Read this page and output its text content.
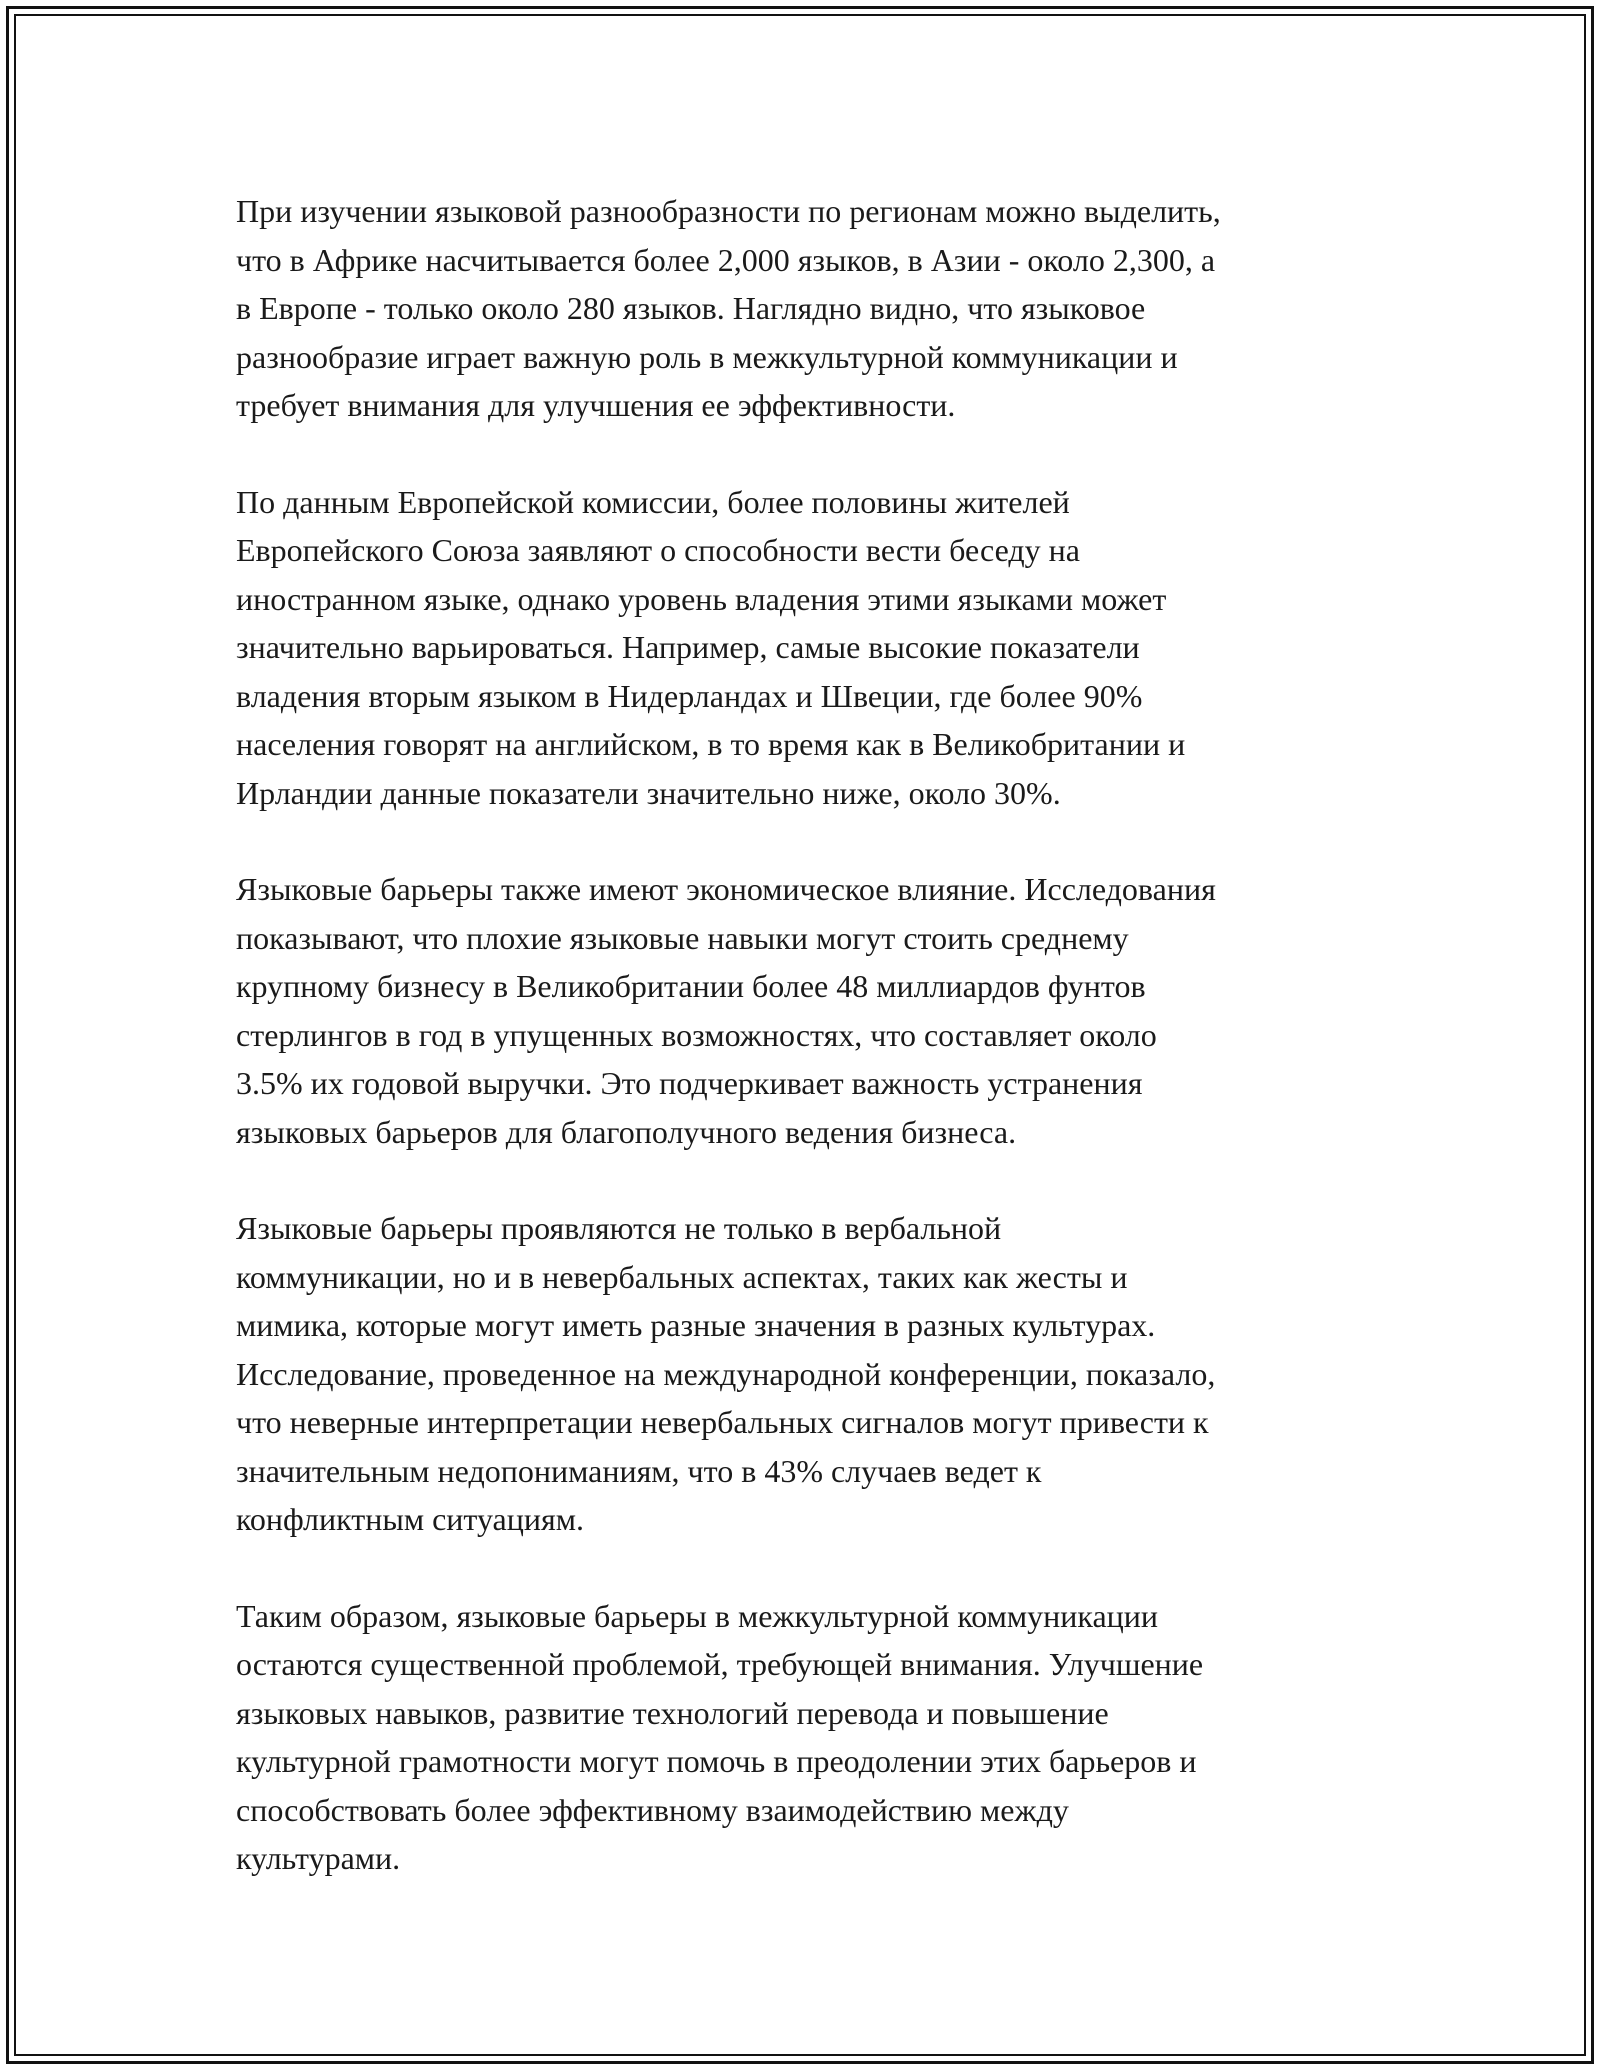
При изучении языковой разнообразности по регионам можно выделить,
что в Африке насчитывается более 2,000 языков, в Азии - около 2,300, а
в Европе - только около 280 языков. Наглядно видно, что языковое
разнообразие играет важную роль в межкультурной коммуникации и
требует внимания для улучшения ее эффективности.

По данным Европейской комиссии, более половины жителей
Европейского Союза заявляют о способности вести беседу на
иностранном языке, однако уровень владения этими языками может
значительно варьироваться. Например, самые высокие показатели
владения вторым языком в Нидерландах и Швеции, где более 90%
населения говорят на английском, в то время как в Великобритании и
Ирландии данные показатели значительно ниже, около 30%.

Языковые барьеры также имеют экономическое влияние. Исследования
показывают, что плохие языковые навыки могут стоить среднему
крупному бизнесу в Великобритании более 48 миллиардов фунтов
стерлингов в год в упущенных возможностях, что составляет около
3.5% их годовой выручки. Это подчеркивает важность устранения
языковых барьеров для благополучного ведения бизнеса.

Языковые барьеры проявляются не только в вербальной
коммуникации, но и в невербальных аспектах, таких как жесты и
мимика, которые могут иметь разные значения в разных культурах.
Исследование, проведенное на международной конференции, показало,
что неверные интерпретации невербальных сигналов могут привести к
значительным недопониманиям, что в 43% случаев ведет к
конфликтным ситуациям.

Таким образом, языковые барьеры в межкультурной коммуникации
остаются существенной проблемой, требующей внимания. Улучшение
языковых навыков, развитие технологий перевода и повышение
культурной грамотности могут помочь в преодолении этих барьеров и
способствовать более эффективному взаимодействию между
культурами.
